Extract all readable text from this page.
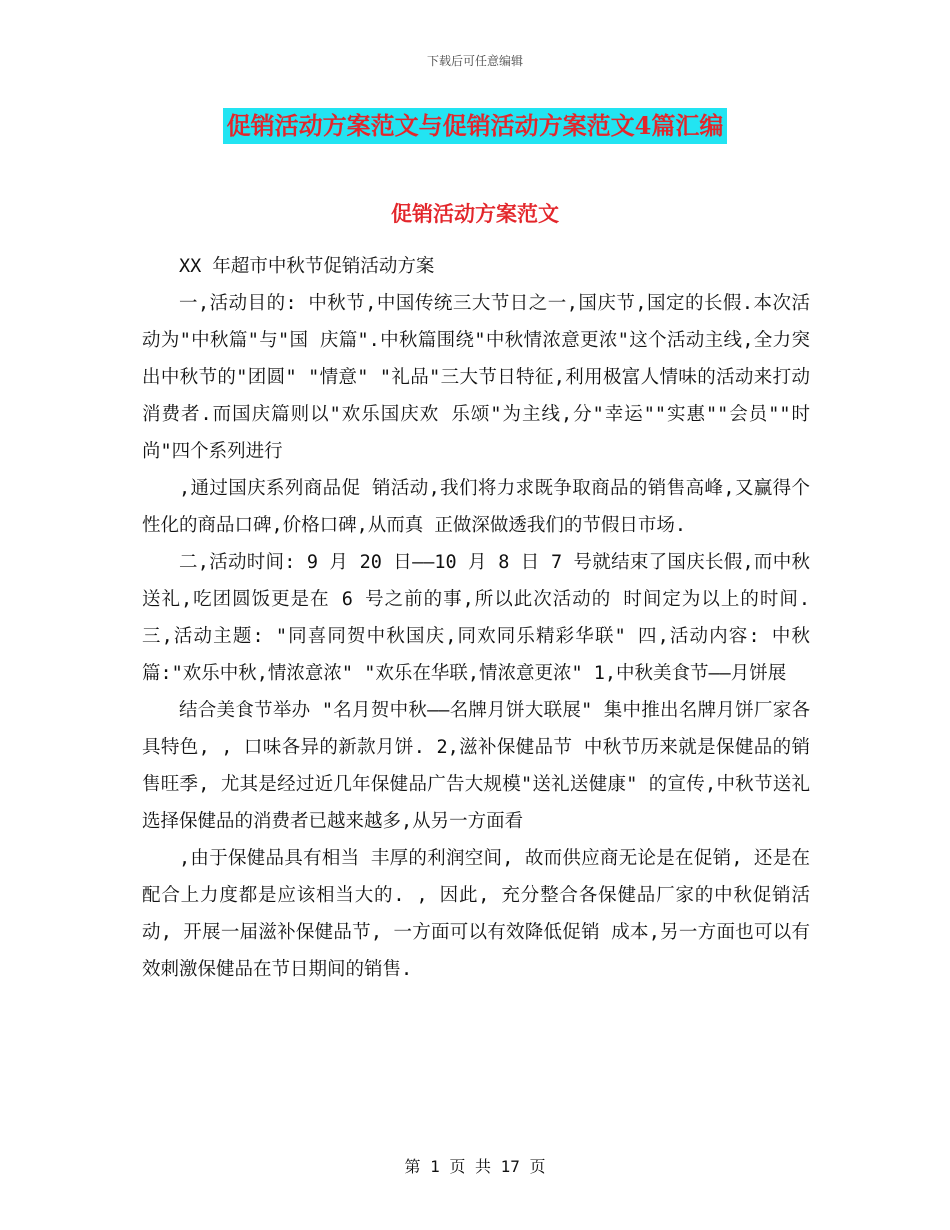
下载后可任意编辑
促销活动方案范文与促销活动方案范文4篇汇编
促销活动方案范文

XX 年超市中秋节促销活动方案

一,活动目的: 中秋节,中国传统三大节日之一,国庆节,国定的长假.本次活动为"中秋篇"与"国 庆篇".中秋篇围绕"中秋情浓意更浓"这个活动主线,全力突出中秋节的"团圆" "情意" "礼品"三大节日特征,利用极富人情味的活动来打动消费者.而国庆篇则以"欢乐国庆欢 乐颂"为主线,分"幸运""实惠""会员""时尚"四个系列进行

,通过国庆系列商品促 销活动,我们将力求既争取商品的销售高峰,又赢得个性化的商品口碑,价格口碑,从而真 正做深做透我们的节假日市场.

二,活动时间: 9 月 20 日——10 月 8 日 7 号就结束了国庆长假,而中秋送礼,吃团圆饭更是在 6 号之前的事,所以此次活动的 时间定为以上的时间. 三,活动主题: "同喜同贺中秋国庆,同欢同乐精彩华联" 四,活动内容: 中秋篇:"欢乐中秋,情浓意浓" "欢乐在华联,情浓意更浓" 1,中秋美食节——月饼展

结合美食节举办 "名月贺中秋——名牌月饼大联展" 集中推出名牌月饼厂家各具特色, , 口味各异的新款月饼. 2,滋补保健品节 中秋节历来就是保健品的销售旺季, 尤其是经过近几年保健品广告大规模"送礼送健康" 的宣传,中秋节送礼选择保健品的消费者已越来越多,从另一方面看

,由于保健品具有相当 丰厚的利润空间, 故而供应商无论是在促销, 还是在配合上力度都是应该相当大的. , 因此, 充分整合各保健品厂家的中秋促销活动, 开展一届滋补保健品节, 一方面可以有效降低促销 成本,另一方面也可以有效刺激保健品在节日期间的销售.

第 1 页 共 17 页
